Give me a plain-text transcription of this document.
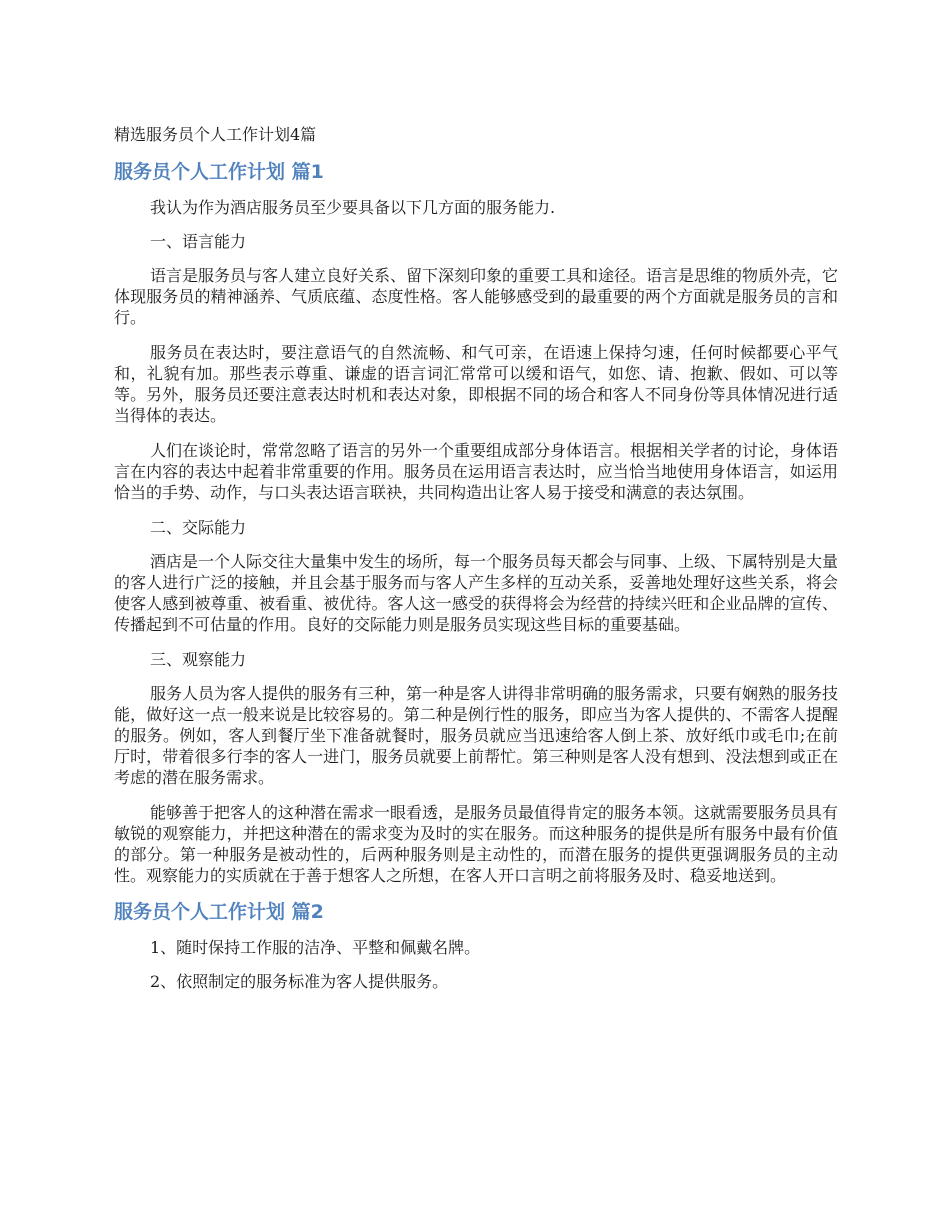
精选服务员个人工作计划4篇
服务员个人工作计划 篇1

我认为作为酒店服务员至少要具备以下几方面的服务能力.

一、语言能力

语言是服务员与客人建立良好关系、留下深刻印象的重要工具和途径。语言是思维的物质外壳，它体现服务员的精神涵养、气质底蕴、态度性格。客人能够感受到的最重要的两个方面就是服务员的言和行。

服务员在表达时，要注意语气的自然流畅、和气可亲，在语速上保持匀速，任何时候都要心平气和，礼貌有加。那些表示尊重、谦虚的语言词汇常常可以缓和语气，如您、请、抱歉、假如、可以等等。另外，服务员还要注意表达时机和表达对象，即根据不同的场合和客人不同身份等具体情况进行适当得体的表达。

人们在谈论时，常常忽略了语言的另外一个重要组成部分身体语言。根据相关学者的讨论，身体语言在内容的表达中起着非常重要的作用。服务员在运用语言表达时，应当恰当地使用身体语言，如运用恰当的手势、动作，与口头表达语言联袂，共同构造出让客人易于接受和满意的表达氛围。

二、交际能力

酒店是一个人际交往大量集中发生的场所，每一个服务员每天都会与同事、上级、下属特别是大量的客人进行广泛的接触，并且会基于服务而与客人产生多样的互动关系，妥善地处理好这些关系，将会使客人感到被尊重、被看重、被优待。客人这一感受的获得将会为经营的持续兴旺和企业品牌的宣传、传播起到不可估量的作用。良好的交际能力则是服务员实现这些目标的重要基础。

三、观察能力

服务人员为客人提供的服务有三种，第一种是客人讲得非常明确的服务需求，只要有娴熟的服务技能，做好这一点一般来说是比较容易的。第二种是例行性的服务，即应当为客人提供的、不需客人提醒的服务。例如，客人到餐厅坐下准备就餐时，服务员就应当迅速给客人倒上茶、放好纸巾或毛巾;在前厅时，带着很多行李的客人一进门，服务员就要上前帮忙。第三种则是客人没有想到、没法想到或正在考虑的潜在服务需求。

能够善于把客人的这种潜在需求一眼看透，是服务员最值得肯定的服务本领。这就需要服务员具有敏锐的观察能力，并把这种潜在的需求变为及时的实在服务。而这种服务的提供是所有服务中最有价值的部分。第一种服务是被动性的，后两种服务则是主动性的，而潜在服务的提供更强调服务员的主动性。观察能力的实质就在于善于想客人之所想，在客人开口言明之前将服务及时、稳妥地送到。

服务员个人工作计划 篇2

1、随时保持工作服的洁净、平整和佩戴名牌。

2、依照制定的服务标准为客人提供服务。
